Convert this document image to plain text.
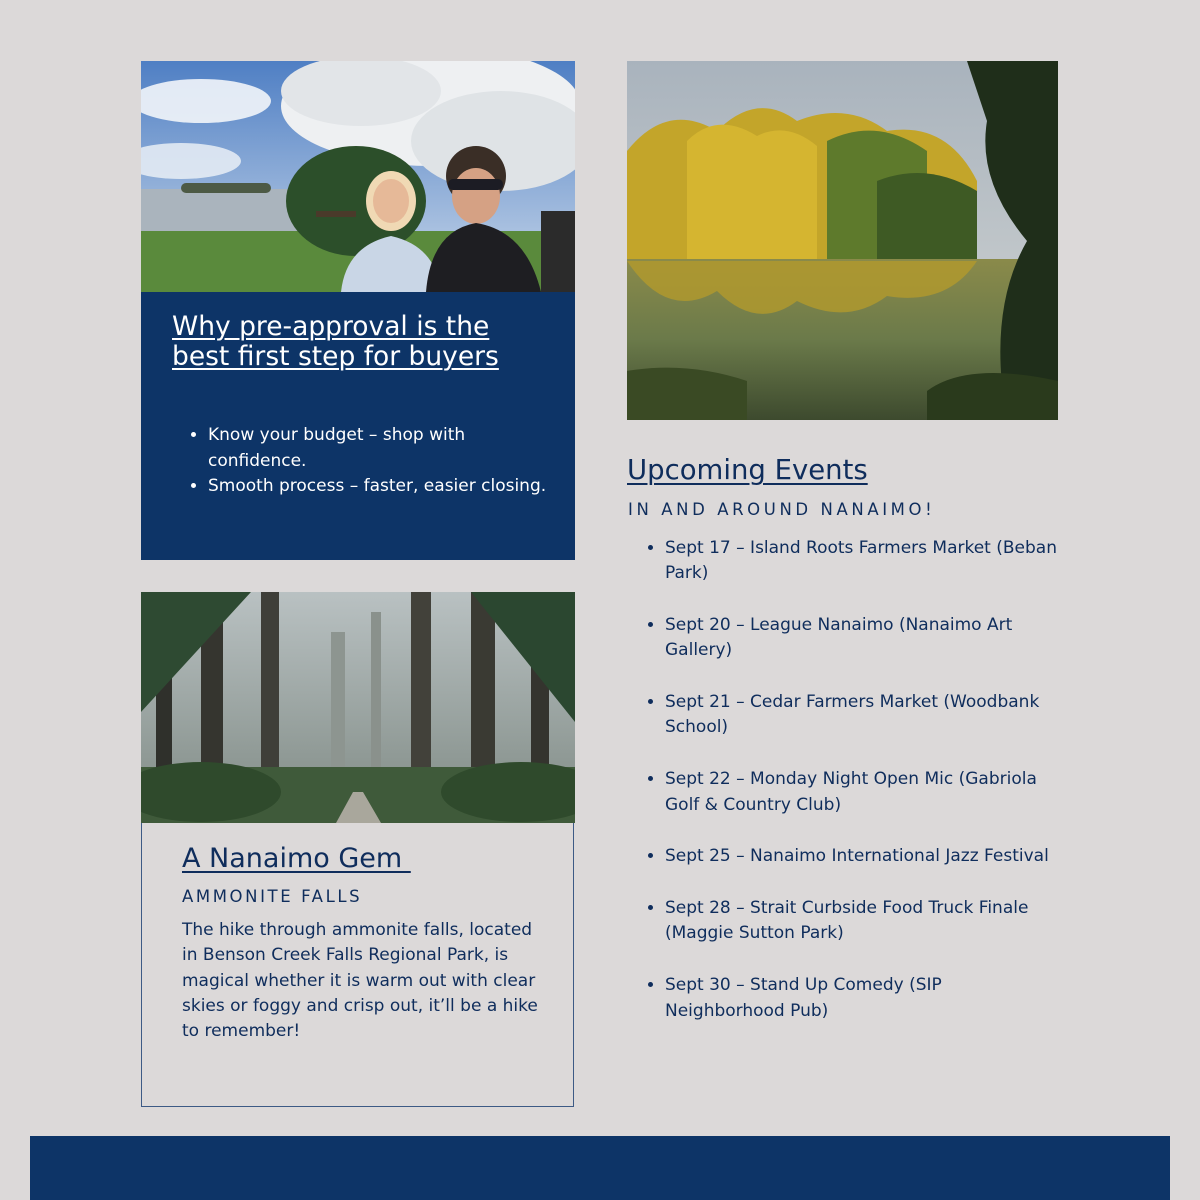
Why pre-approval is the best first step for buyers
• Know your budget – shop with confidence.
• Smooth process – faster, easier closing.
A Nanaimo Gem

AMMONITE FALLS

The hike through ammonite falls, located in Benson Creek Falls Regional Park, is magical whether it is warm out with clear skies or foggy and crisp out, it’ll be a hike to remember!

Upcoming Events

IN AND AROUND NANAIMO!

• Sept 17 – Island Roots Farmers Market (Beban Park)
• Sept 20 – League Nanaimo (Nanaimo Art Gallery)
• Sept 21 – Cedar Farmers Market (Woodbank School)
• Sept 22 – Monday Night Open Mic (Gabriola Golf & Country Club)
• Sept 25 – Nanaimo International Jazz Festival
• Sept 28 – Strait Curbside Food Truck Finale (Maggie Sutton Park)
• Sept 30 – Stand Up Comedy (SIP Neighborhood Pub)
